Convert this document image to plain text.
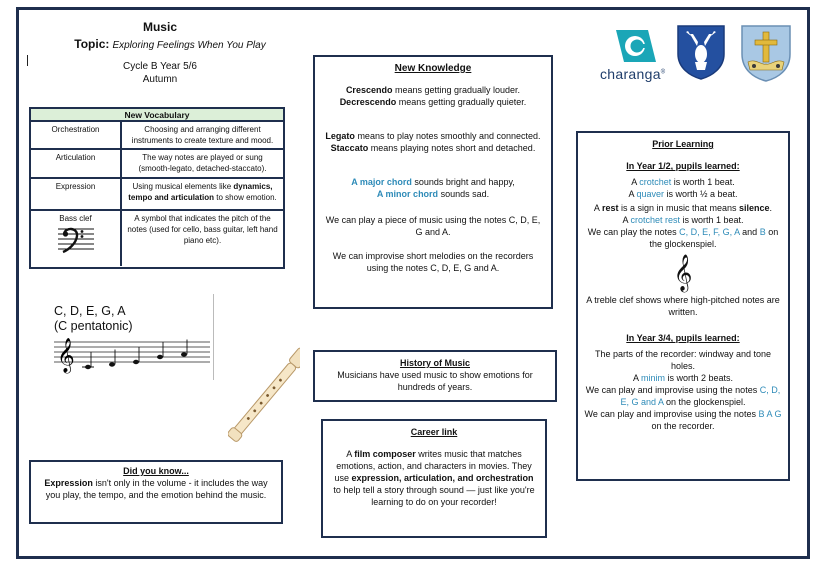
Music
Topic: Exploring Feelings When You Play
Cycle B Year 5/6
Autumn
New Vocabulary
Orchestration	Choosing and arranging different instruments to create texture and mood.
Articulation	The way notes are played or sung (smooth-legato, detached-staccato).
Expression	Using musical elements like dynamics, tempo and articulation to show emotion.
Bass clef	A symbol that indicates the pitch of the notes (used for cello, bass guitar, left hand piano etc).
C, D, E, G, A
(C pentatonic)
𝄞
Did you know...
Expression isn't only in the volume - it includes the way you play, the tempo, and the emotion behind the music.
New Knowledge
Crescendo means getting gradually louder.
Decrescendo means getting gradually quieter.
Legato means to play notes smoothly and connected.
Staccato means playing notes short and detached.
A major chord sounds bright and happy,
A minor chord sounds sad.
We can play a piece of music using the notes C, D, E, G and A.
We can improvise short melodies on the recorders using the notes C, D, E, G and A.
History of Music
Musicians have used music to show emotions for hundreds of years.
Career link
A film composer writes music that matches emotions, action, and characters in movies. They use expression, articulation, and orchestration to help tell a story through sound — just like you're learning to do on your recorder!
Prior Learning
In Year 1/2, pupils learned:
A crotchet is worth 1 beat.
A quaver is worth ½ a beat.
A rest is a sign in music that means silence.
A crotchet rest is worth 1 beat.
We can play the notes C, D, E, F, G, A and B on the glockenspiel.
𝄞
A treble clef shows where high-pitched notes are written.
In Year 3/4, pupils learned:
The parts of the recorder: windway and tone holes.
A minim is worth 2 beats.
We can play and improvise using the notes C, D, E, G and A on the glockenspiel.
We can play and improvise using the notes B A G on the recorder.
charanga®
